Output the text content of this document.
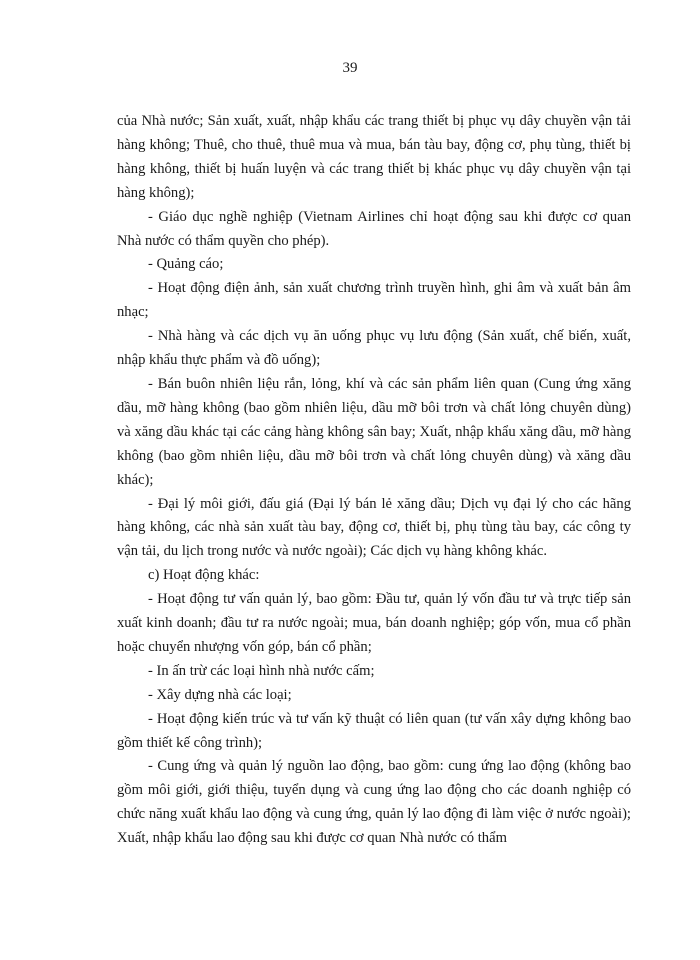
39

của Nhà nước; Sản xuất, xuất, nhập khẩu các trang thiết bị phục vụ dây chuyền vận tải hàng không; Thuê, cho thuê, thuê mua và mua, bán tàu bay, động cơ, phụ tùng, thiết bị hàng không, thiết bị huấn luyện và các trang thiết bị khác phục vụ dây chuyền vận tại hàng không);

- Giáo dục nghề nghiệp (Vietnam Airlines chỉ hoạt động sau khi được cơ quan Nhà nước có thẩm quyền cho phép).

- Quảng cáo;

- Hoạt động điện ảnh, sản xuất chương trình truyền hình, ghi âm và xuất bản âm nhạc;

- Nhà hàng và các dịch vụ ăn uống phục vụ lưu động (Sản xuất, chế biến, xuất, nhập khẩu thực phẩm và đồ uống);

- Bán buôn nhiên liệu rắn, lỏng, khí và các sản phẩm liên quan (Cung ứng xăng dầu, mỡ hàng không (bao gồm nhiên liệu, dầu mỡ bôi trơn và chất lỏng chuyên dùng) và xăng dầu khác tại các cảng hàng không sân bay; Xuất, nhập khẩu xăng dầu, mỡ hàng không (bao gồm nhiên liệu, dầu mỡ bôi trơn và chất lỏng chuyên dùng) và xăng dầu khác);

- Đại lý môi giới, đấu giá (Đại lý bán lẻ xăng dầu; Dịch vụ đại lý cho các hãng hàng không, các nhà sản xuất tàu bay, động cơ, thiết bị, phụ tùng tàu bay, các công ty vận tải, du lịch trong nước và nước ngoài); Các dịch vụ hàng không khác.

c) Hoạt động khác:

- Hoạt động tư vấn quản lý, bao gồm: Đầu tư, quản lý vốn đầu tư và trực tiếp sản xuất kinh doanh; đầu tư ra nước ngoài; mua, bán doanh nghiệp; góp vốn, mua cổ phần hoặc chuyển nhượng vốn góp, bán cổ phần;

- In ấn trừ các loại hình nhà nước cấm;

- Xây dựng nhà các loại;

- Hoạt động kiến trúc và tư vấn kỹ thuật có liên quan (tư vấn xây dựng không bao gồm thiết kế công trình);

- Cung ứng và quản lý nguồn lao động, bao gồm: cung ứng lao động (không bao gồm môi giới, giới thiệu, tuyển dụng và cung ứng lao động cho các doanh nghiệp có chức năng xuất khẩu lao động và cung ứng, quản lý lao động đi làm việc ở nước ngoài); Xuất, nhập khẩu lao động sau khi được cơ quan Nhà nước có thẩm
